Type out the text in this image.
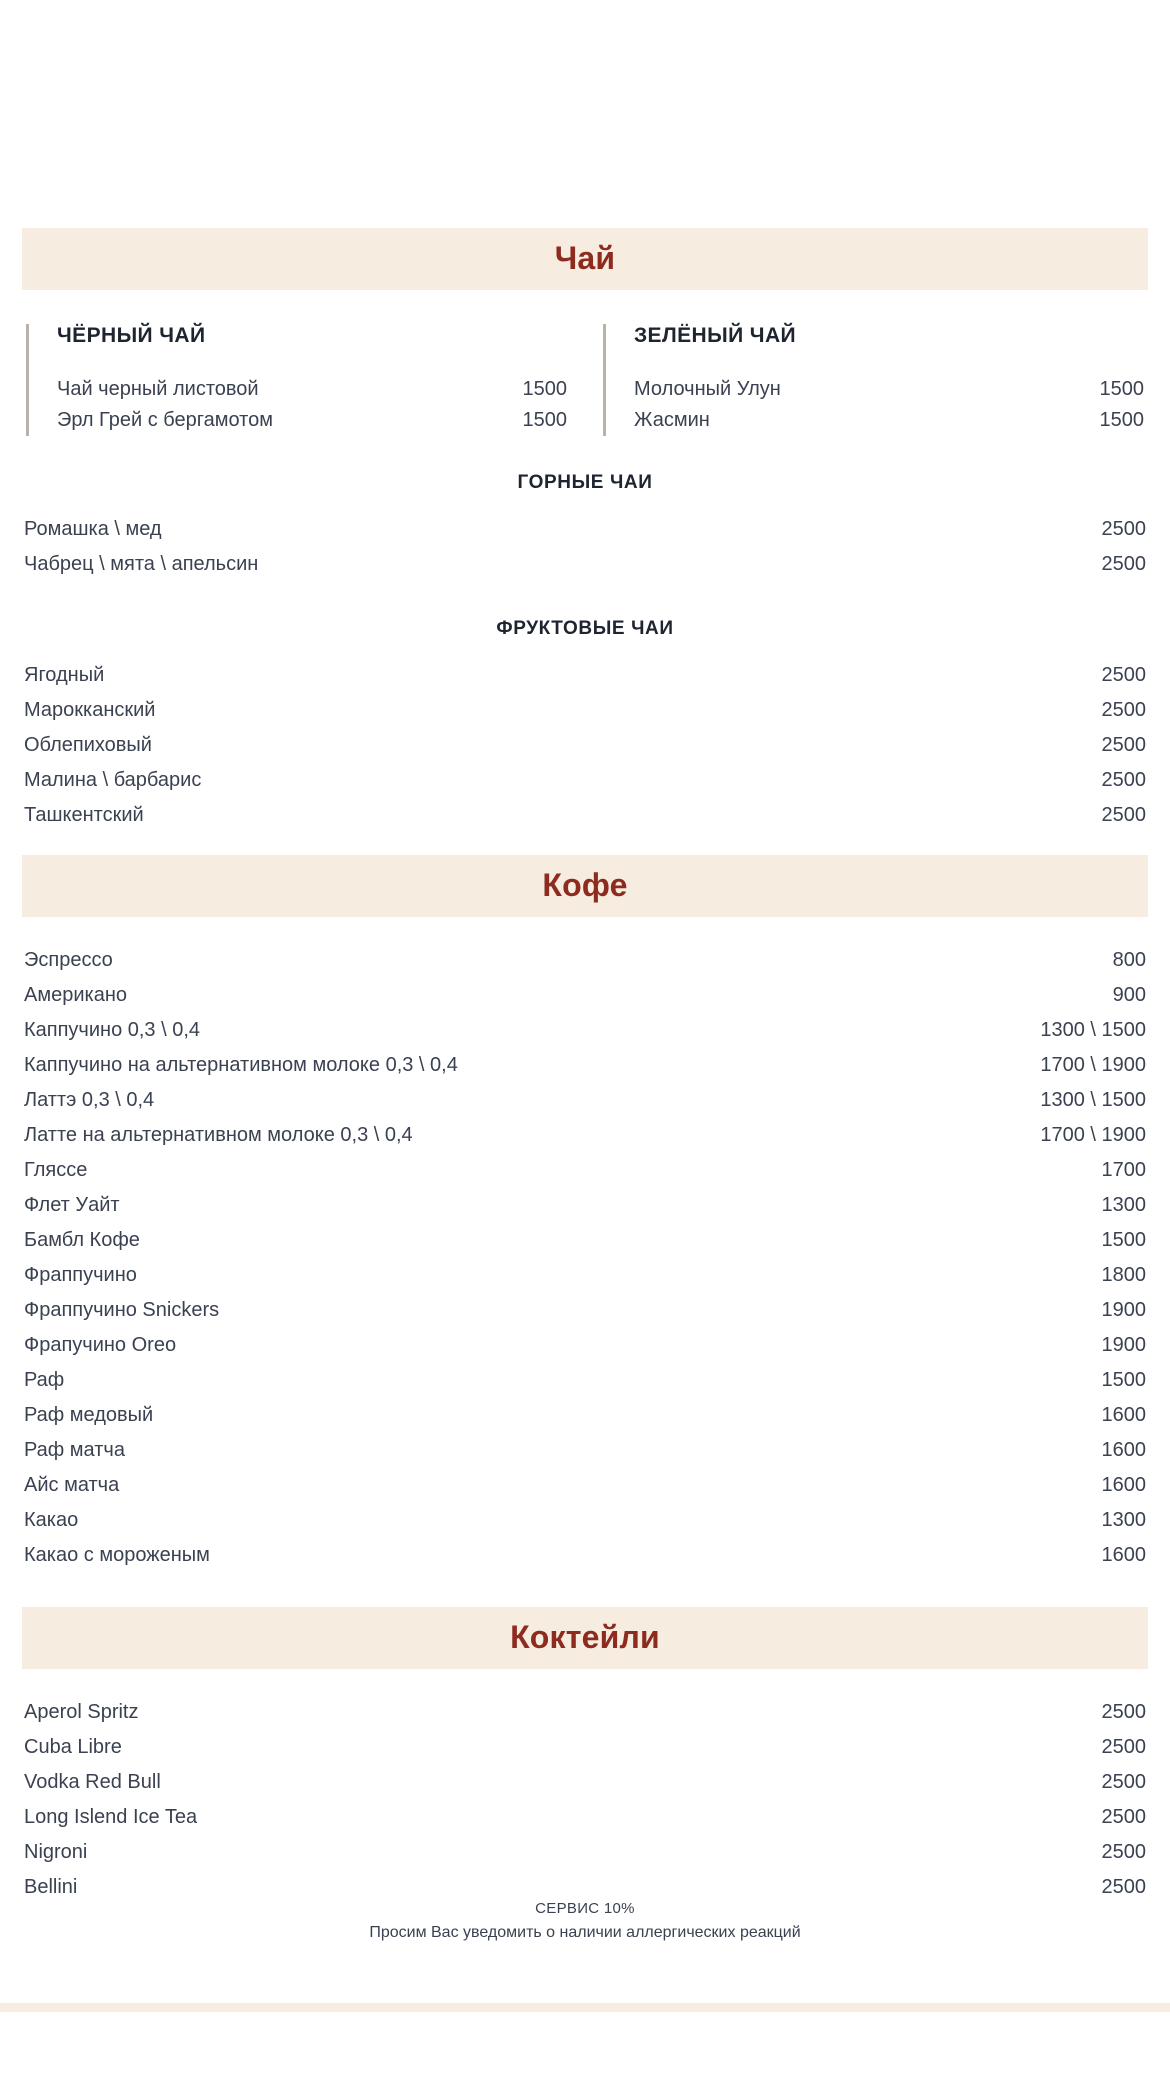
Чай
ЧЁРНЫЙ ЧАЙ
Чай черный листовой	1500
Эрл Грей с бергамотом	1500
ЗЕЛЁНЫЙ ЧАЙ
Молочный Улун	1500
Жасмин	1500
ГОРНЫЕ ЧАИ
Ромашка \ мед	2500
Чабрец \ мята \ апельсин	2500
ФРУКТОВЫЕ ЧАИ
Ягодный	2500
Марокканский	2500
Облепиховый	2500
Малина \ барбарис	2500
Ташкентский	2500
Кофе
Эспрессо	800
Американо	900
Каппучино 0,3 \ 0,4	1300 \ 1500
Каппучино на альтернативном молоке 0,3 \ 0,4	1700 \ 1900
Латтэ 0,3 \ 0,4	1300 \ 1500
Латте на альтернативном молоке 0,3 \ 0,4	1700 \ 1900
Гляссе	1700
Флет Уайт	1300
Бамбл Кофе	1500
Фраппучино	1800
Фраппучино Snickers	1900
Фрапучино Oreo	1900
Раф	1500
Раф медовый	1600
Раф матча	1600
Айс матча	1600
Какао	1300
Какао с мороженым	1600
Коктейли
Aperol Spritz	2500
Cuba Libre	2500
Vodka Red Bull	2500
Long Islend Ice Tea	2500
Nigroni	2500
Bellini	2500
СЕРВИС 10%
Просим Вас уведомить о наличии аллергических реакций
